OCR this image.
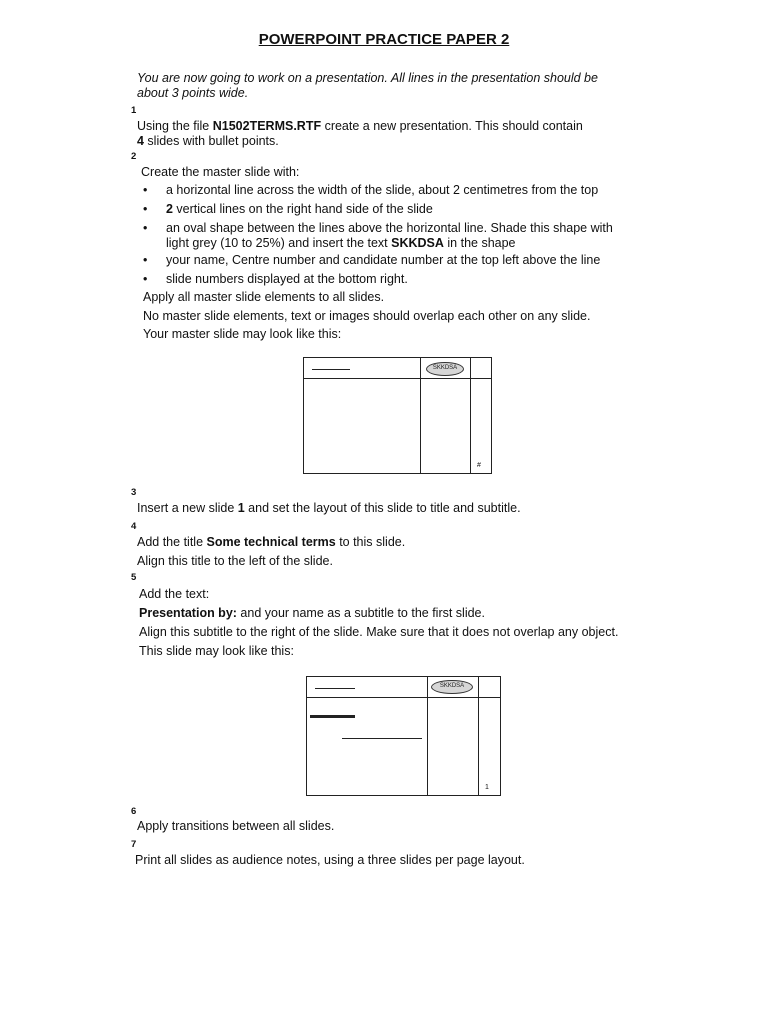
POWERPOINT PRACTICE PAPER 2
You are now going to work on a presentation. All lines in the presentation should be about 3 points wide.
1
Using the file N1502TERMS.RTF create a new presentation. This should contain
4 slides with bullet points.
2
Create the master slide with:
• a horizontal line across the width of the slide, about 2 centimetres from the top
• 2 vertical lines on the right hand side of the slide
• an oval shape between the lines above the horizontal line. Shade this shape with
light grey (10 to 25%) and insert the text SKKDSA in the shape
• your name, Centre number and candidate number at the top left above the line
• slide numbers displayed at the bottom right.
Apply all master slide elements to all slides.
No master slide elements, text or images should overlap each other on any slide.
Your master slide may look like this:
SKKDSA
#
3
Insert a new slide 1 and set the layout of this slide to title and subtitle.
4
Add the title Some technical terms to this slide.
Align this title to the left of the slide.
5
Add the text:
Presentation by: and your name as a subtitle to the first slide.
Align this subtitle to the right of the slide. Make sure that it does not overlap any object.
This slide may look like this:
SKKDSA
1
6
Apply transitions between all slides.
7
Print all slides as audience notes, using a three slides per page layout.
